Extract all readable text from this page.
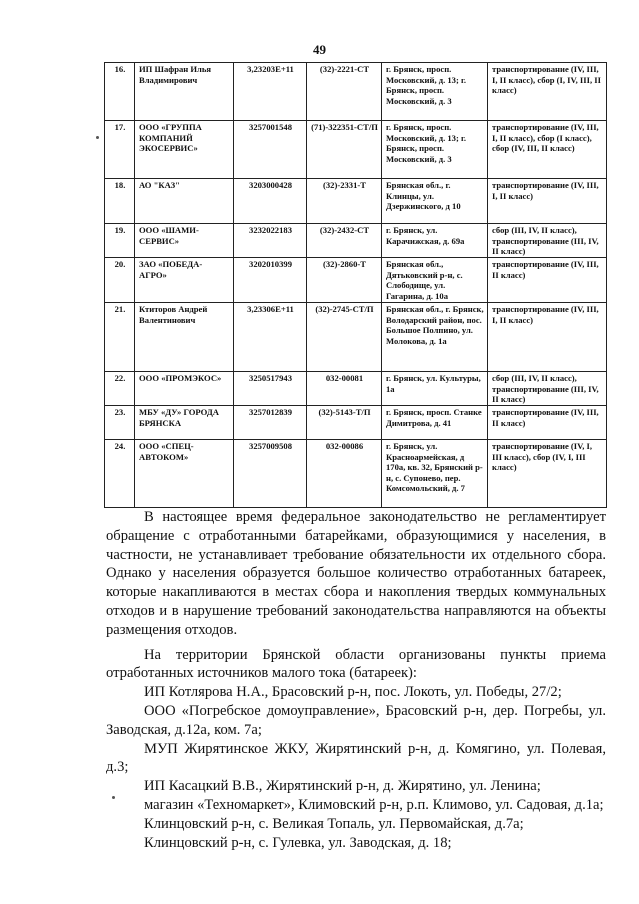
49
16.	ИП Шафран Илья Владимирович	3,23203Е+11	(32)-2221-СТ	г. Брянск, просп. Московский, д. 13; г. Брянск, просп. Московский, д. 3	транспортирование (IV, III, I, II класс), сбор (I, IV, III, II класс)
17.	ООО «ГРУППА КОМПАНИЙ ЭКОСЕРВИС»	3257001548	(71)-322351-СТ/П	г. Брянск, просп. Московский, д. 13; г. Брянск, просп. Московский, д. 3	транспортирование (IV, III, I, II класс), сбор (I класс), сбор (IV, III, II класс)
18.	АО "КАЗ"	3203000428	(32)-2331-Т	Брянская обл., г. Клинцы, ул. Дзержинского, д 10	транспортирование (IV, III, I, II класс)
19.	ООО «ШАМИ-СЕРВИС»	3232022183	(32)-2432-СТ	г. Брянск, ул. Карачижская, д. 69а	сбор (III, IV, II класс), транспортирование (III, IV, II класс)
20.	ЗАО «ПОБЕДА-АГРО»	3202010399	(32)-2860-Т	Брянская обл., Дятьковский р-н, с. Слободище, ул. Гагарина, д. 10а	транспортирование (IV, III, II класс)
21.	Ктиторов Андрей Валентинович	3,23306Е+11	(32)-2745-СТ/П	Брянская обл., г. Брянск, Володарский район, пос. Большое Полпино, ул. Молокова, д. 1а	транспортирование (IV, III, I, II класс)
22.	ООО «ПРОМЭКОС»	3250517943	032-00081	г. Брянск, ул. Культуры, 1а	сбор (III, IV, II класс), транспортирование (III, IV, II класс)
23.	МБУ «ДУ» ГОРОДА БРЯНСКА	3257012839	(32)-5143-Т/П	г. Брянск, просп. Станке Димитрова, д. 41	транспортирование (IV, III, II класс)
24.	ООО «СПЕЦ-АВТОКОМ»	3257009508	032-00086	г. Брянск, ул. Красноармейская, д 170а, кв. 32, Брянский р-н, с. Супонево, пер. Комсомольский, д. 7	транспортирование (IV, I, III класс), сбор (IV, I, III класс)

В настоящее время федеральное законодательство не регламентирует обращение с отработанными батарейками, образующимися у населения, в частности, не устанавливает требование обязательности их отдельного сбора. Однако у населения образуется большое количество отработанных батареек, которые накапливаются в местах сбора и накопления твердых коммунальных отходов и в нарушение требований законодательства направляются на объекты размещения отходов.

На территории Брянской области организованы пункты приема отработанных источников малого тока (батареек):

ИП Котлярова Н.А., Брасовский р-н, пос. Локоть, ул. Победы, 27/2;

ООО «Погребское домоуправление», Брасовский р-н, дер. Погребы, ул. Заводская, д.12а, ком. 7а;

МУП Жирятинское ЖКУ, Жирятинский р-н, д. Комягино, ул. Полевая, д.3;

ИП Касацкий В.В., Жирятинский р-н, д. Жирятино, ул. Ленина;

магазин «Техномаркет», Климовский р-н, р.п. Климово, ул. Садовая, д.1а;

Клинцовский р-н, с. Великая Топаль, ул. Первомайская, д.7а;

Клинцовский р-н, с. Гулевка, ул. Заводская, д. 18;
